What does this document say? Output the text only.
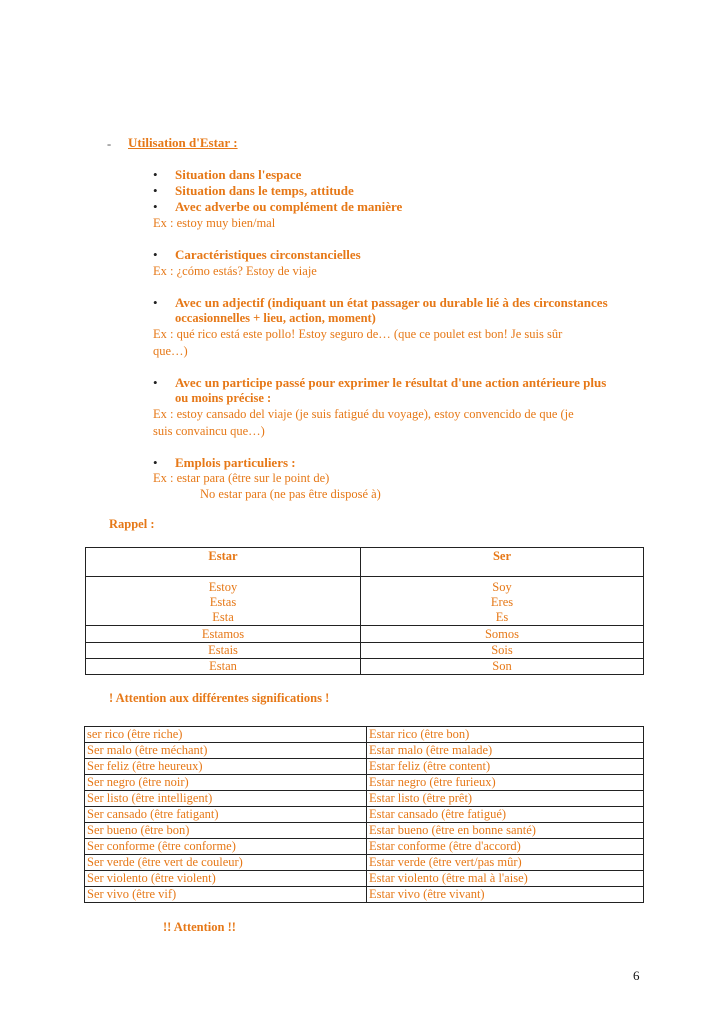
- Utilisation d'Estar :
• Situation dans l'espace
• Situation dans le temps, attitude
• Avec adverbe ou complément de manière
Ex : estoy muy bien/mal
• Caractéristiques circonstancielles
Ex : ¿cómo estás? Estoy de viaje
• Avec un adjectif (indiquant un état passager ou durable lié à des circonstances
occasionnelles + lieu, action, moment)
Ex : qué rico está este pollo! Estoy seguro de… (que ce poulet est bon! Je suis sûr
que…)
• Avec un participe passé pour exprimer le résultat d'une action antérieure plus
ou moins précise :
Ex : estoy cansado del viaje (je suis fatigué du voyage), estoy convencido de que (je
suis convaincu que…)
• Emplois particuliers :
Ex : estar para (être sur le point de)
No estar para (ne pas être disposé à)
Rappel :
Estar	Ser
Estoy	Soy
Estas	Eres
Esta	Es
Estamos	Somos
Estais	Sois
Estan	Son
! Attention aux différentes significations !
ser rico (être riche)	Estar rico (être bon)
Ser malo (être méchant)	Estar malo (être malade)
Ser feliz (être heureux)	Estar feliz (être content)
Ser negro (être noir)	Estar negro (être furieux)
Ser listo (être intelligent)	Estar listo (être prêt)
Ser cansado (être fatigant)	Estar cansado (être fatigué)
Ser bueno (être bon)	Estar bueno (être en bonne santé)
Ser conforme (être conforme)	Estar conforme (être d'accord)
Ser verde (être vert de couleur)	Estar verde (être vert/pas mûr)
Ser violento (être violent)	Estar violento (être mal à l'aise)
Ser vivo (être vif)	Estar vivo (être vivant)
!! Attention !!
6
